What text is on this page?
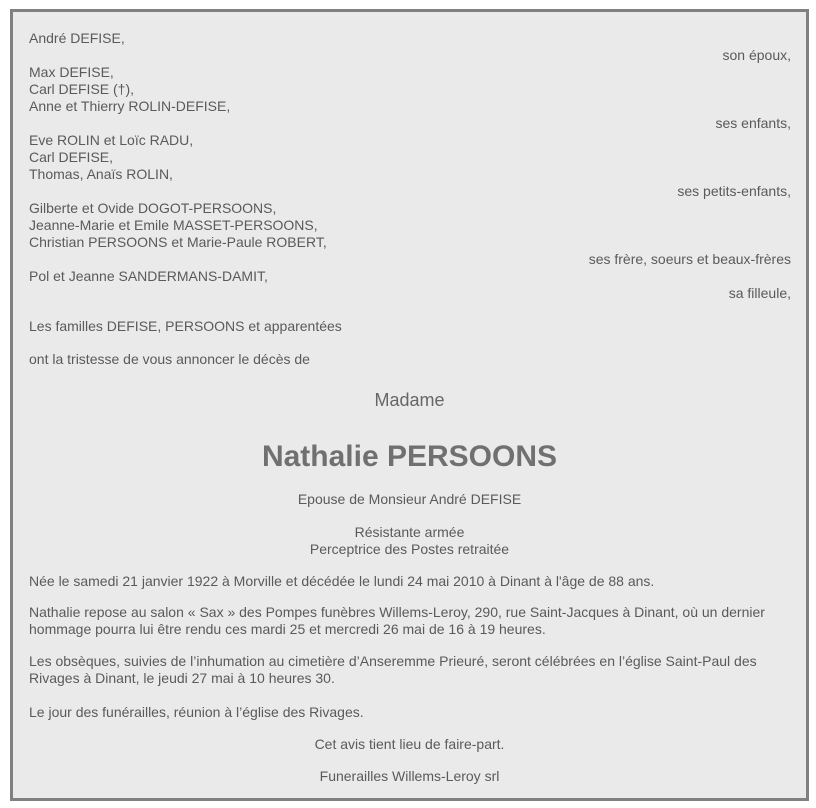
André DEFISE,
son époux,
Max DEFISE,
Carl DEFISE (†),
Anne et Thierry ROLIN-DEFISE,
ses enfants,
Eve ROLIN et Loïc RADU,
Carl DEFISE,
Thomas, Anaïs ROLIN,
ses petits-enfants,
Gilberte et Ovide DOGOT-PERSOONS,
Jeanne-Marie et Emile MASSET-PERSOONS,
Christian PERSOONS et Marie-Paule ROBERT,
ses frère, soeurs et beaux-frères
Pol et Jeanne SANDERMANS-DAMIT,
sa filleule,
Les familles DEFISE, PERSOONS et apparentées
ont la tristesse de vous annoncer le décès de
Madame
Nathalie PERSOONS
Epouse de Monsieur André DEFISE
Résistante armée
Perceptrice des Postes retraitée
Née le samedi 21 janvier 1922 à Morville et décédée le lundi 24 mai 2010 à Dinant à l'âge de 88 ans.
Nathalie repose au salon « Sax » des Pompes funèbres Willems-Leroy, 290, rue Saint-Jacques à Dinant, où un dernier hommage pourra lui être rendu ces mardi 25 et mercredi 26 mai de 16 à 19 heures.
Les obsèques, suivies de l’inhumation au cimetière d’Anseremme Prieuré, seront célébrées en l’église Saint-Paul des Rivages à Dinant, le jeudi 27 mai à 10 heures 30.
Le jour des funérailles, réunion à l’église des Rivages.
Cet avis tient lieu de faire-part.
Funerailles Willems-Leroy srl
